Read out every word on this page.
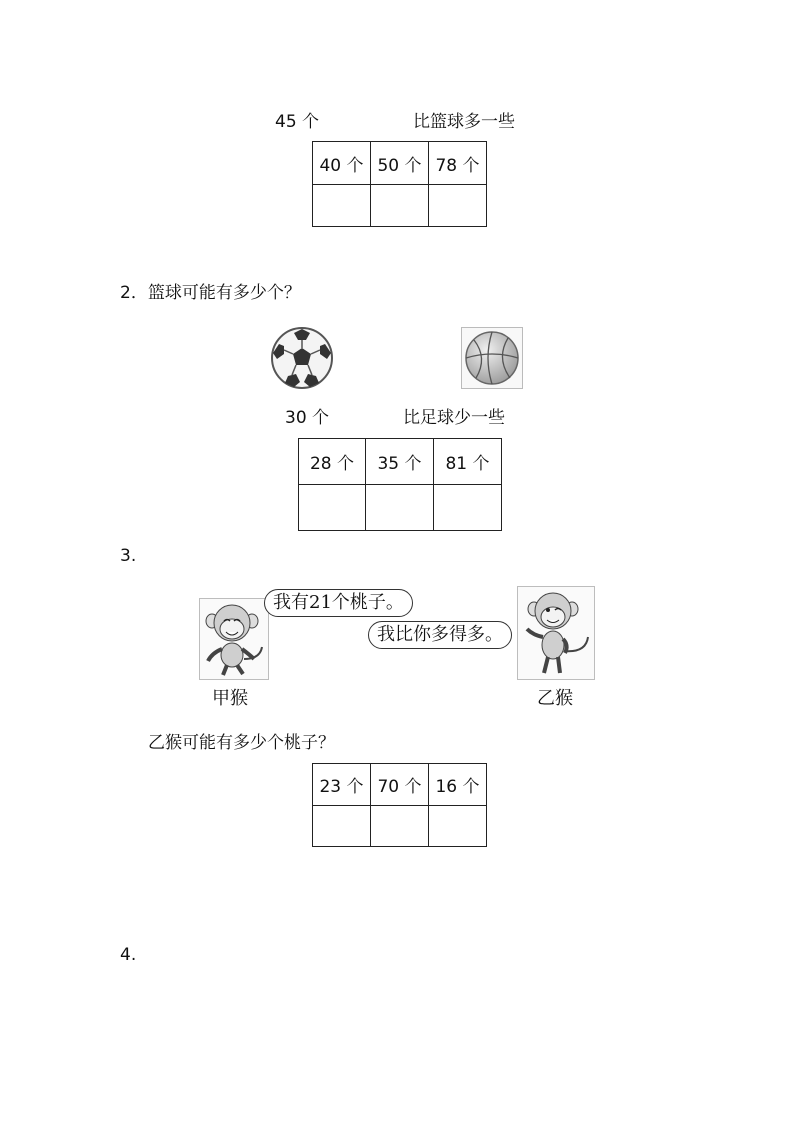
45 个	比篮球多一些
40 个	50 个	78 个

2．篮球可能有多少个？
30 个	比足球少一些
28 个	35 个	81 个

3.
甲猴
我有21个桃子。
我比你多得多。
乙猴
乙猴可能有多少个桃子？
23 个	70 个	16 个

4.
